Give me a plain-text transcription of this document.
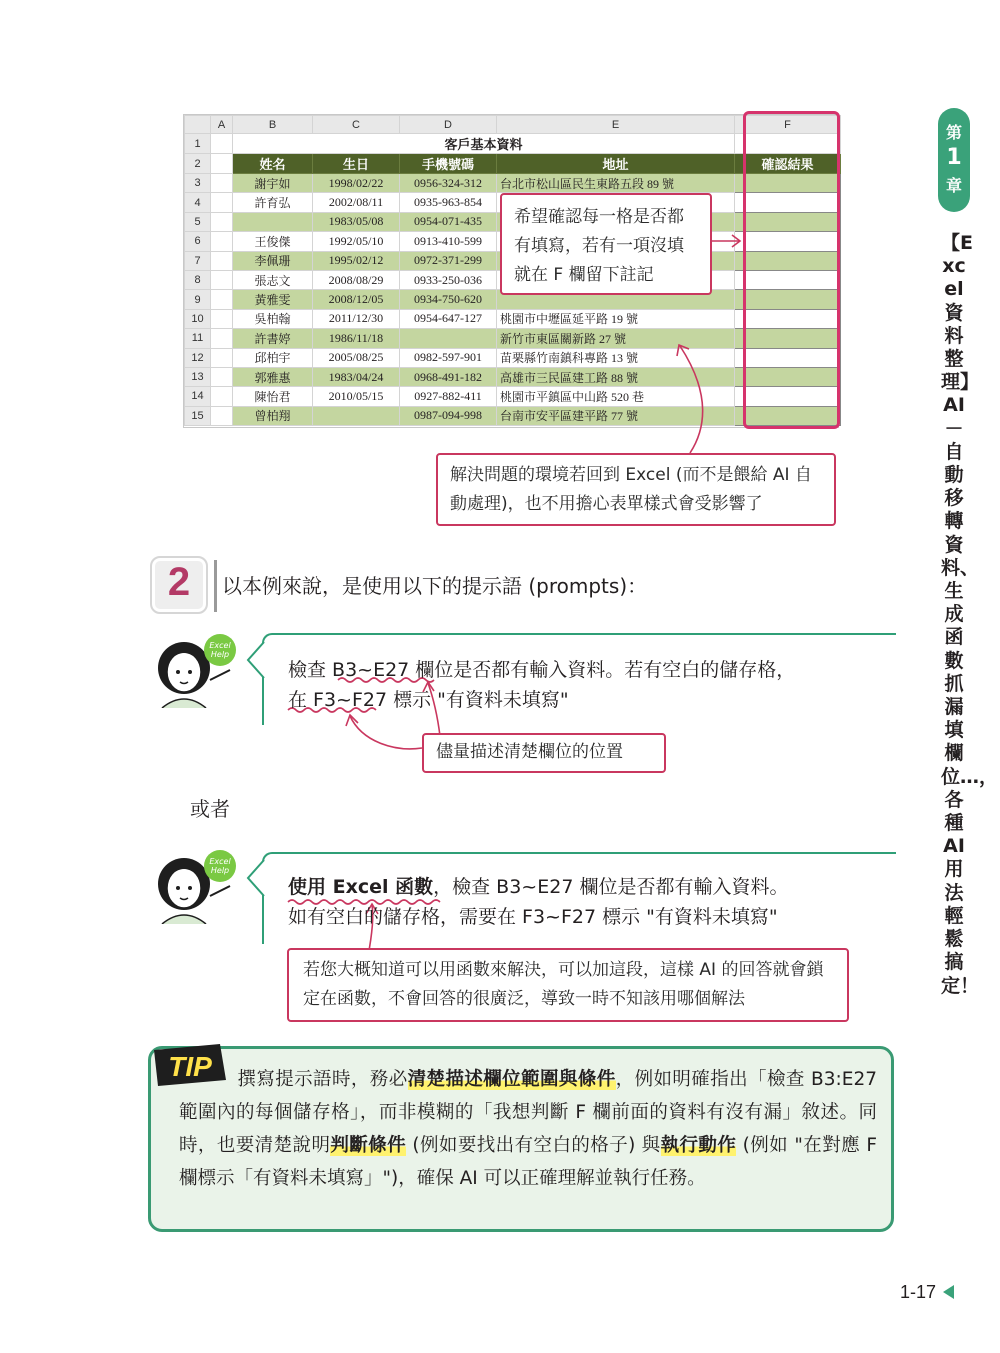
	A	B	C	D	E	F
1		客戶基本資料				
2		姓名	生日	手機號碼	地址	確認結果
3		謝宇如	1998/02/22	0956-324-312	台北市松山區民生東路五段 89 號	
4		許育弘	2002/08/11	0935-963-854		
5			1983/05/08	0954-071-435		
6		王俊傑	1992/05/10	0913-410-599		
7		李佩珊	1995/02/12	0972-371-299		
8		張志文	2008/08/29	0933-250-036		
9		黃雅雯	2008/12/05	0934-750-620		
10		吳柏翰	2011/12/30	0954-647-127	桃園市中壢區延平路 19 號	
11		許書婷	1986/11/18		新竹市東區關新路 27 號	
12		邱柏宇	2005/08/25	0982-597-901	苗栗縣竹南鎮科專路 13 號	
13		郭雅惠	1983/04/24	0968-491-182	高雄市三民區建工路 88 號	
14		陳怡君	2010/05/15	0927-882-411	桃園市平鎮區中山路 520 巷	
15		曾柏翔		0987-094-998	台南市安平區建平路 77 號	
希望確認每一格是否都有填寫，若有一項沒填就在 F 欄留下註記
解決問題的環境若回到 Excel (而不是餵給 AI 自動處理)，也不用擔心表單樣式會受影響了
2	以本例來說，是使用以下的提示語 (prompts)：
Excel
Help
檢查 B3~E27 欄位是否都有輸入資料。若有空白的儲存格，
在 F3~F27 標示 "有資料未填寫"
儘量描述清楚欄位的位置
或者
Excel
Help
使用 Excel 函數，檢查 B3~E27 欄位是否都有輸入資料。
如有空白的儲存格，需要在 F3~F27 標示 "有資料未填寫"
若您大概知道可以用函數來解決，可以加這段，這樣 AI 的回答就會鎖定在函數，不會回答的很廣泛，導致一時不知該用哪個解法
撰寫提示語時，務必清楚描述欄位範圍與條件，例如明確指出「檢查 B3:E27 範圍內的每個儲存格」，而非模糊的「我想判斷 F 欄前面的資料有沒有漏」敘述。同時，也要清楚說明判斷條件 (例如要找出有空白的格子) 與執行動作 (例如 "在對應 F 欄標示「有資料未填寫」")，確保 AI 可以正確理解並執行任務。
TIP
第
1
章
【Excel 資料整理】AI－自動移轉資料、生成函數抓漏填欄位…，各種 AI 用法輕鬆搞定！
1-17
